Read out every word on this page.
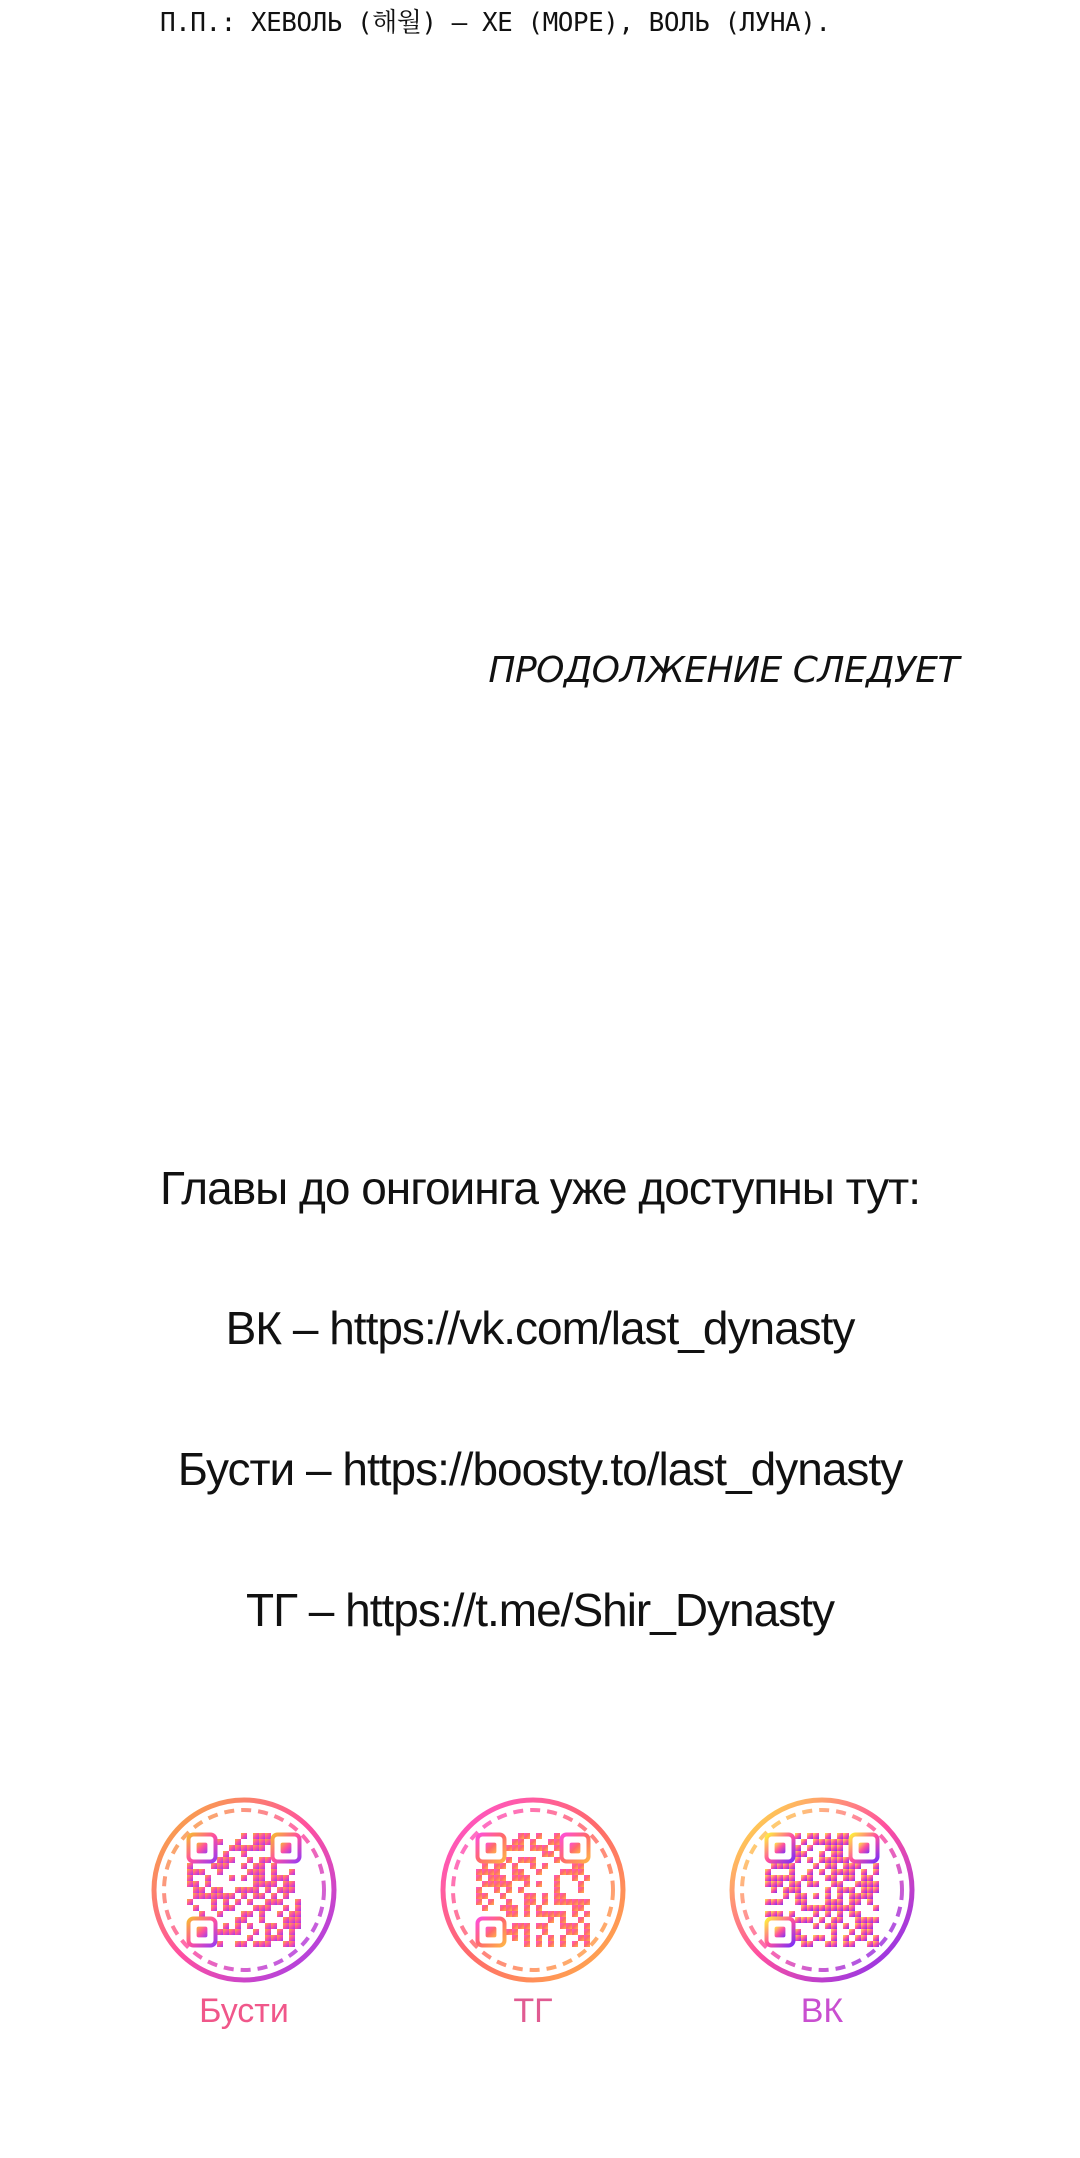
П.П.: ХЕВОЛЬ (해월) — ХЕ (МОРЕ), ВОЛЬ (ЛУНА).
ПРОДОЛЖЕНИЕ СЛЕДУЕТ
Главы до онгоинга уже доступны тут:
ВК – https://vk.com/last_dynasty
Бусти – https://boosty.to/last_dynasty
ТГ – https://t.me/Shir_Dynasty
Бусти	ТГ	ВК
